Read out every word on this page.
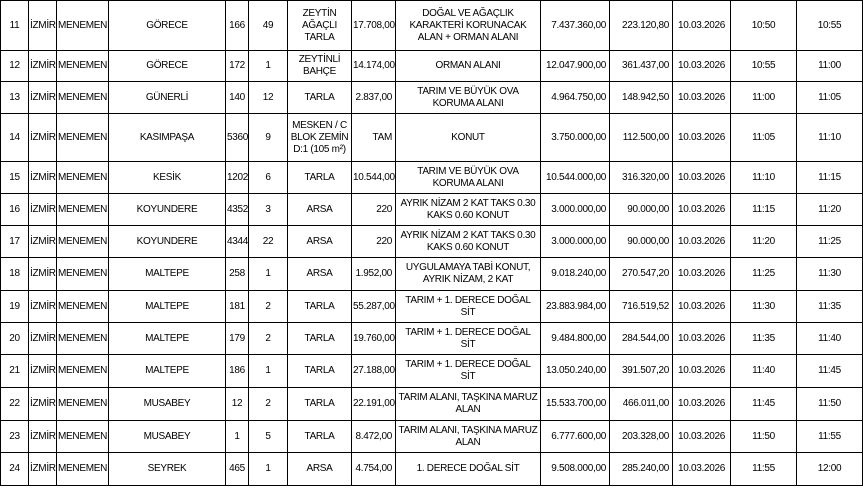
11	İZMİR	MENEMEN	GÖRECE	166	49	ZEYTİN AĞAÇLI TARLA	17.708,00	DOĞAL VE AĞAÇLIK KARAKTERİ KORUNACAK ALAN + ORMAN ALANI	7.437.360,00	223.120,80	10.03.2026	10:50	10:55
12	İZMİR	MENEMEN	GÖRECE	172	1	ZEYTİNLİ BAHÇE	14.174,00	ORMAN ALANI	12.047.900,00	361.437,00	10.03.2026	10:55	11:00
13	İZMİR	MENEMEN	GÜNERLİ	140	12	TARLA	2.837,00	TARIM VE BÜYÜK OVA KORUMA ALANI	4.964.750,00	148.942,50	10.03.2026	11:00	11:05
14	İZMİR	MENEMEN	KASIMPAŞA	5360	9	MESKEN / C BLOK ZEMİN D:1 (105 m²)	TAM	KONUT	3.750.000,00	112.500,00	10.03.2026	11:05	11:10
15	İZMİR	MENEMEN	KESİK	1202	6	TARLA	10.544,00	TARIM VE BÜYÜK OVA KORUMA ALANI	10.544.000,00	316.320,00	10.03.2026	11:10	11:15
16	İZMİR	MENEMEN	KOYUNDERE	4352	3	ARSA	220	AYRIK NİZAM 2 KAT TAKS 0.30 KAKS 0.60 KONUT	3.000.000,00	90.000,00	10.03.2026	11:15	11:20
17	İZMİR	MENEMEN	KOYUNDERE	4344	22	ARSA	220	AYRIK NİZAM 2 KAT TAKS 0.30 KAKS 0.60 KONUT	3.000.000,00	90.000,00	10.03.2026	11:20	11:25
18	İZMİR	MENEMEN	MALTEPE	258	1	ARSA	1.952,00	UYGULAMAYA TABİ KONUT, AYRIK NİZAM, 2 KAT	9.018.240,00	270.547,20	10.03.2026	11:25	11:30
19	İZMİR	MENEMEN	MALTEPE	181	2	TARLA	55.287,00	TARIM + 1. DERECE DOĞAL SİT	23.883.984,00	716.519,52	10.03.2026	11:30	11:35
20	İZMİR	MENEMEN	MALTEPE	179	2	TARLA	19.760,00	TARIM + 1. DERECE DOĞAL SİT	9.484.800,00	284.544,00	10.03.2026	11:35	11:40
21	İZMİR	MENEMEN	MALTEPE	186	1	TARLA	27.188,00	TARIM + 1. DERECE DOĞAL SİT	13.050.240,00	391.507,20	10.03.2026	11:40	11:45
22	İZMİR	MENEMEN	MUSABEY	12	2	TARLA	22.191,00	TARIM ALANI, TAŞKINA MARUZ ALAN	15.533.700,00	466.011,00	10.03.2026	11:45	11:50
23	İZMİR	MENEMEN	MUSABEY	1	5	TARLA	8.472,00	TARIM ALANI, TAŞKINA MARUZ ALAN	6.777.600,00	203.328,00	10.03.2026	11:50	11:55
24	İZMİR	MENEMEN	SEYREK	465	1	ARSA	4.754,00	1. DERECE DOĞAL SİT	9.508.000,00	285.240,00	10.03.2026	11:55	12:00
